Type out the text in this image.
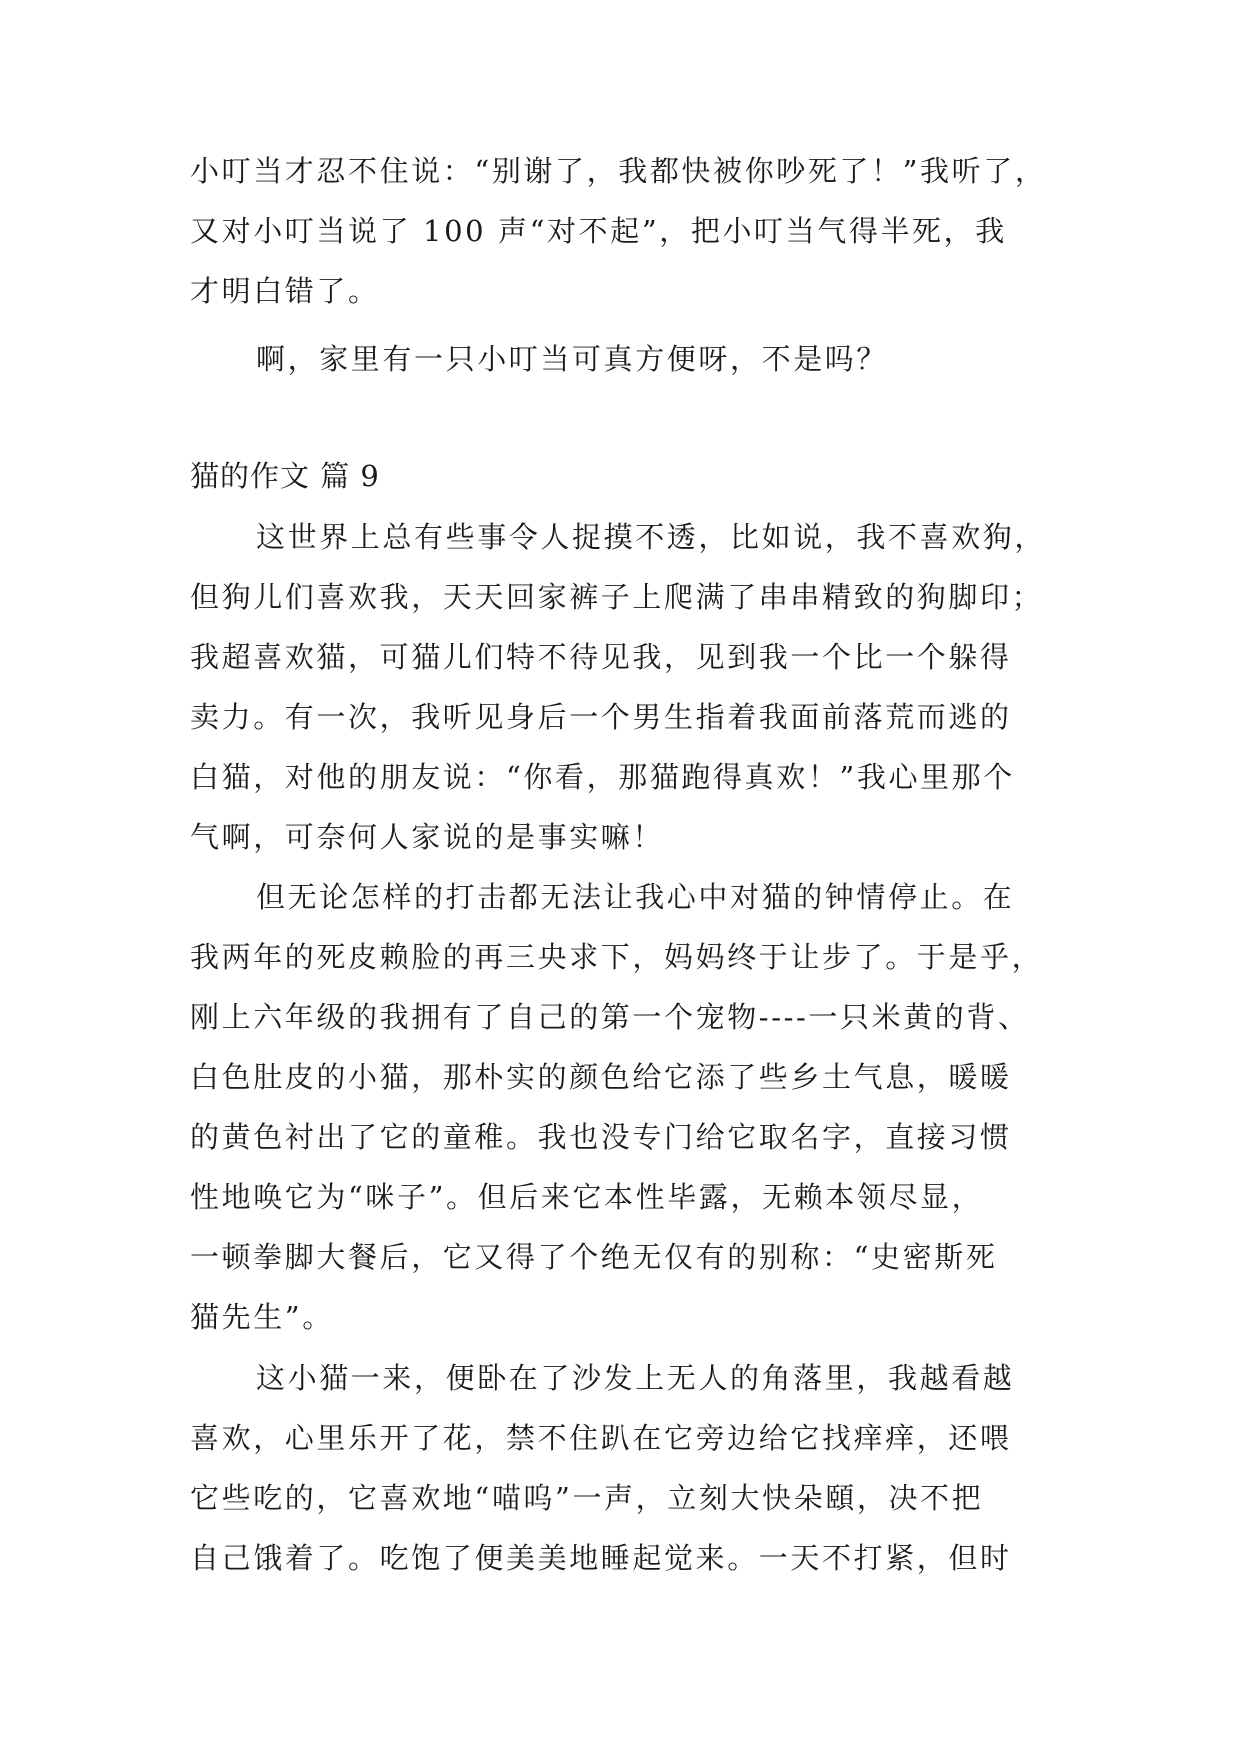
小叮当才忍不住说：“别谢了，我都快被你吵死了！”我听了，
又对小叮当说了 100 声“对不起”，把小叮当气得半死，我
才明白错了。
啊，家里有一只小叮当可真方便呀，不是吗？
猫的作文 篇 9
这世界上总有些事令人捉摸不透，比如说，我不喜欢狗，
但狗儿们喜欢我，天天回家裤子上爬满了串串精致的狗脚印；
我超喜欢猫，可猫儿们特不待见我，见到我一个比一个躲得
卖力。有一次，我听见身后一个男生指着我面前落荒而逃的
白猫，对他的朋友说：“你看，那猫跑得真欢！”我心里那个
气啊，可奈何人家说的是事实嘛！
但无论怎样的打击都无法让我心中对猫的钟情停止。在
我两年的死皮赖脸的再三央求下，妈妈终于让步了。于是乎，
刚上六年级的我拥有了自己的第一个宠物----一只米黄的背、
白色肚皮的小猫，那朴实的颜色给它添了些乡土气息，暖暖
的黄色衬出了它的童稚。我也没专门给它取名字，直接习惯
性地唤它为“咪子”。但后来它本性毕露，无赖本领尽显，
一顿拳脚大餐后，它又得了个绝无仅有的别称：“史密斯死
猫先生”。
这小猫一来，便卧在了沙发上无人的角落里，我越看越
喜欢，心里乐开了花，禁不住趴在它旁边给它找痒痒，还喂
它些吃的，它喜欢地“喵呜”一声，立刻大快朵頤，决不把
自己饿着了。吃饱了便美美地睡起觉来。一天不打紧，但时
